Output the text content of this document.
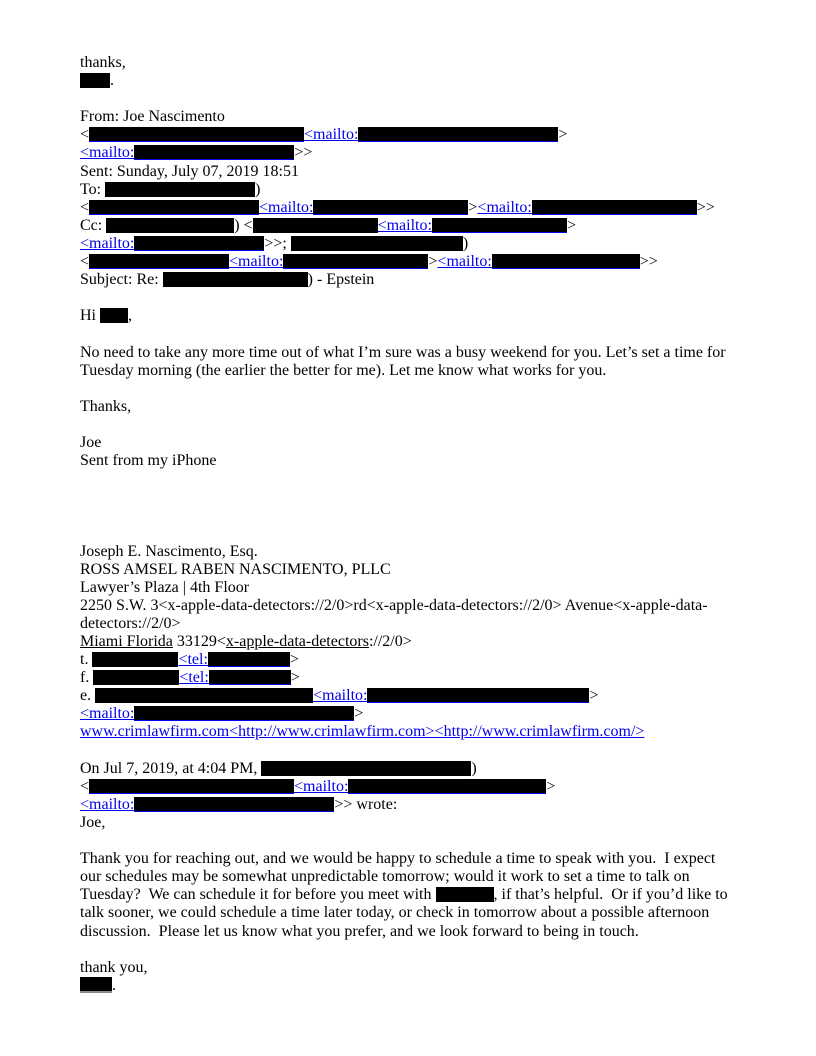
thanks,
.
From: Joe Nascimento
<	<mailto:	>
<mailto:	>>
Sent: Sunday, July 07, 2019 18:51
To:	)
<	<mailto:	><mailto:	>>
Cc:	) <	<mailto:	>
<mailto:	>>;	)
<	<mailto:	><mailto:	>>
Subject: Re:	) - Epstein
Hi ,
No need to take any more time out of what I’m sure was a busy weekend for you. Let’s set a time for
Tuesday morning (the earlier the better for me). Let me know what works for you.
Thanks,
Joe
Sent from my iPhone
Joseph E. Nascimento, Esq.
ROSS AMSEL RABEN NASCIMENTO, PLLC
Lawyer’s Plaza | 4th Floor
2250 S.W. 3<x-apple-data-detectors://2/0>rd<x-apple-data-detectors://2/0> Avenue<x-apple-data-
detectors://2/0>
Miami Florida 33129<x-apple-data-detectors://2/0>
t.	<tel:	>
f.	<tel:	>
e.	<mailto:	>
<mailto:	>
www.crimlawfirm.com<http://www.crimlawfirm.com><http://www.crimlawfirm.com/>
On Jul 7, 2019, at 4:04 PM,	)
<	<mailto:	>
<mailto:	>> wrote:
Joe,
Thank you for reaching out, and we would be happy to schedule a time to speak with you.  I expect
our schedules may be somewhat unpredictable tomorrow; would it work to set a time to talk on
Tuesday?  We can schedule it for before you meet with	, if that’s helpful.  Or if you’d like to
talk sooner, we could schedule a time later today, or check in tomorrow about a possible afternoon
discussion.  Please let us know what you prefer, and we look forward to being in touch.
thank you,
.
